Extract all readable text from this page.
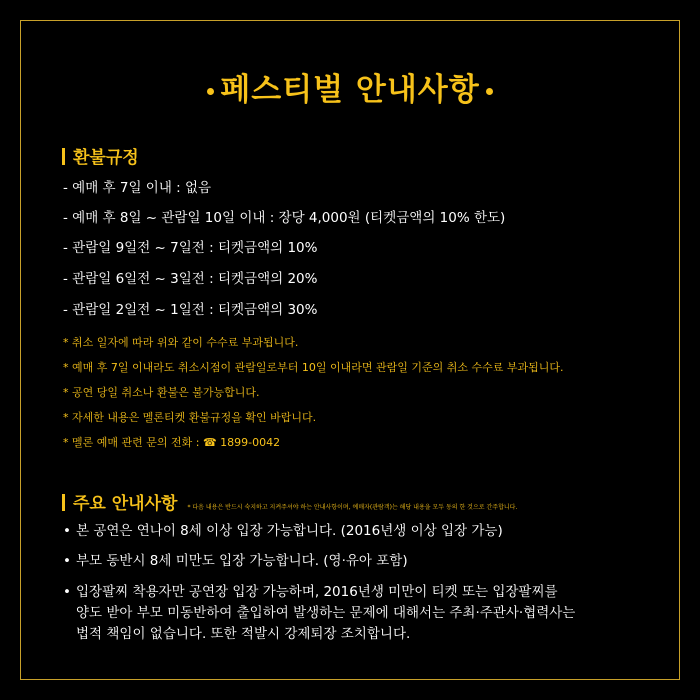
페스티벌 안내사항
환불규정
- 예매 후 7일 이내 : 없음
- 예매 후 8일 ~ 관람일 10일 이내 : 장당 4,000원 (티켓금액의 10% 한도)
- 관람일 9일전 ~ 7일전 : 티켓금액의 10%
- 관람일 6일전 ~ 3일전 : 티켓금액의 20%
- 관람일 2일전 ~ 1일전 : 티켓금액의 30%
* 취소 일자에 따라 위와 같이 수수료 부과됩니다.
* 예매 후 7일 이내라도 취소시점이 관람일로부터 10일 이내라면 관람일 기준의 취소 수수료 부과됩니다.
* 공연 당일 취소나 환불은 불가능합니다.
* 자세한 내용은 멜론티켓 환불규정을 확인 바랍니다.
* 멜론 예매 관련 문의 전화 : ☎ 1899-0042
주요 안내사항 * 다음 내용은 반드시 숙지하고 지켜주셔야 하는 안내사항이며, 예매자(관람객)는 해당 내용을 모두 동의 한 것으로 간주합니다.
• 본 공연은 연나이 8세 이상 입장 가능합니다. (2016년생 이상 입장 가능)
• 부모 동반시 8세 미만도 입장 가능합니다. (영·유아 포함)
• 입장팔찌 착용자만 공연장 입장 가능하며, 2016년생 미만이 티켓 또는 입장팔찌를
양도 받아 부모 미동반하여 출입하여 발생하는 문제에 대해서는 주최·주관사·협력사는
법적 책임이 없습니다. 또한 적발시 강제퇴장 조치합니다.
